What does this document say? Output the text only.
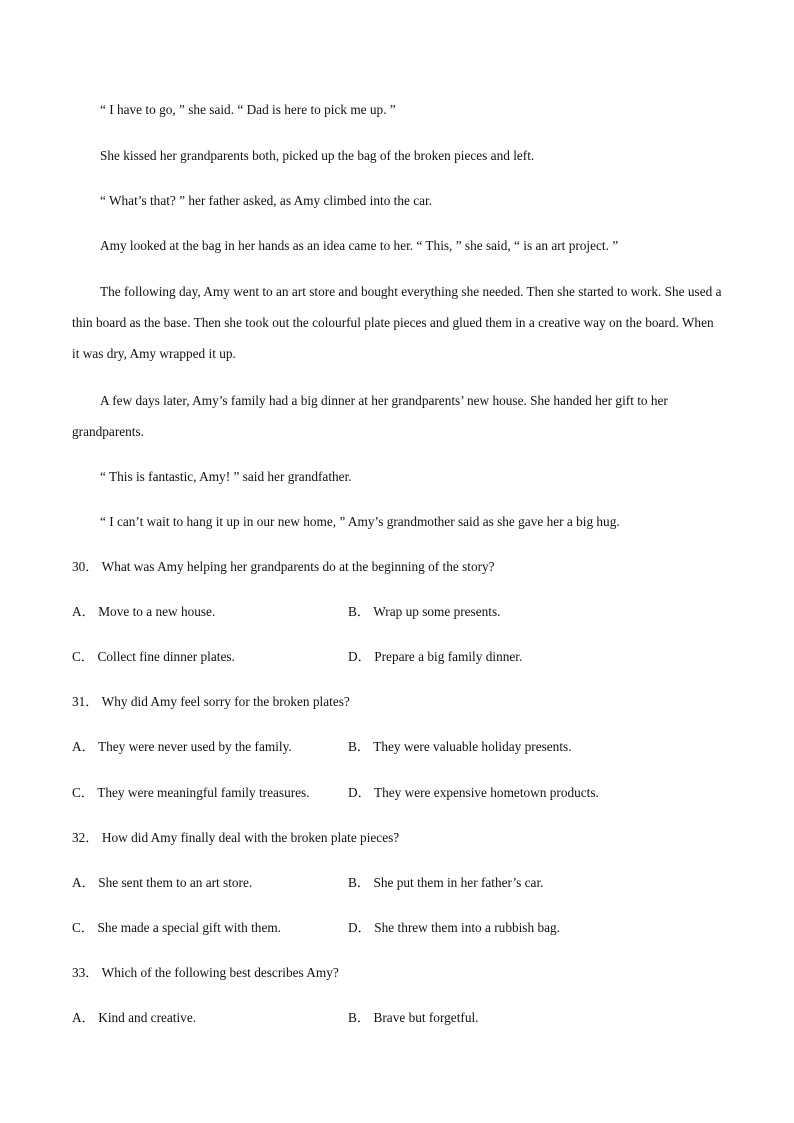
“ I have to go, ” she said. “ Dad is here to pick me up. ”
She kissed her grandparents both, picked up the bag of the broken pieces and left.
“ What’s that? ” her father asked, as Amy climbed into the car.
Amy looked at the bag in her hands as an idea came to her. “ This, ” she said, “ is an art project. ”
The following day, Amy went to an art store and bought everything she needed. Then she started to work. She used a thin board as the base. Then she took out the colourful plate pieces and glued them in a creative way on the board. When it was dry, Amy wrapped it up.
A few days later, Amy’s family had a big dinner at her grandparents’ new house. She handed her gift to her grandparents.
“ This is fantastic, Amy! ” said her grandfather.
“ I can’t wait to hang it up in our new home, ” Amy’s grandmother said as she gave her a big hug.
30． What was Amy helping her grandparents do at the beginning of the story?
A． Move to a new house.	B． Wrap up some presents.
C． Collect fine dinner plates.	D． Prepare a big family dinner.
31． Why did Amy feel sorry for the broken plates?
A． They were never used by the family.	B． They were valuable holiday presents.
C． They were meaningful family treasures.	D． They were expensive hometown products.
32． How did Amy finally deal with the broken plate pieces?
A． She sent them to an art store.	B． She put them in her father’s car.
C． She made a special gift with them.	D． She threw them into a rubbish bag.
33． Which of the following best describes Amy?
A． Kind and creative.	B． Brave but forgetful.
